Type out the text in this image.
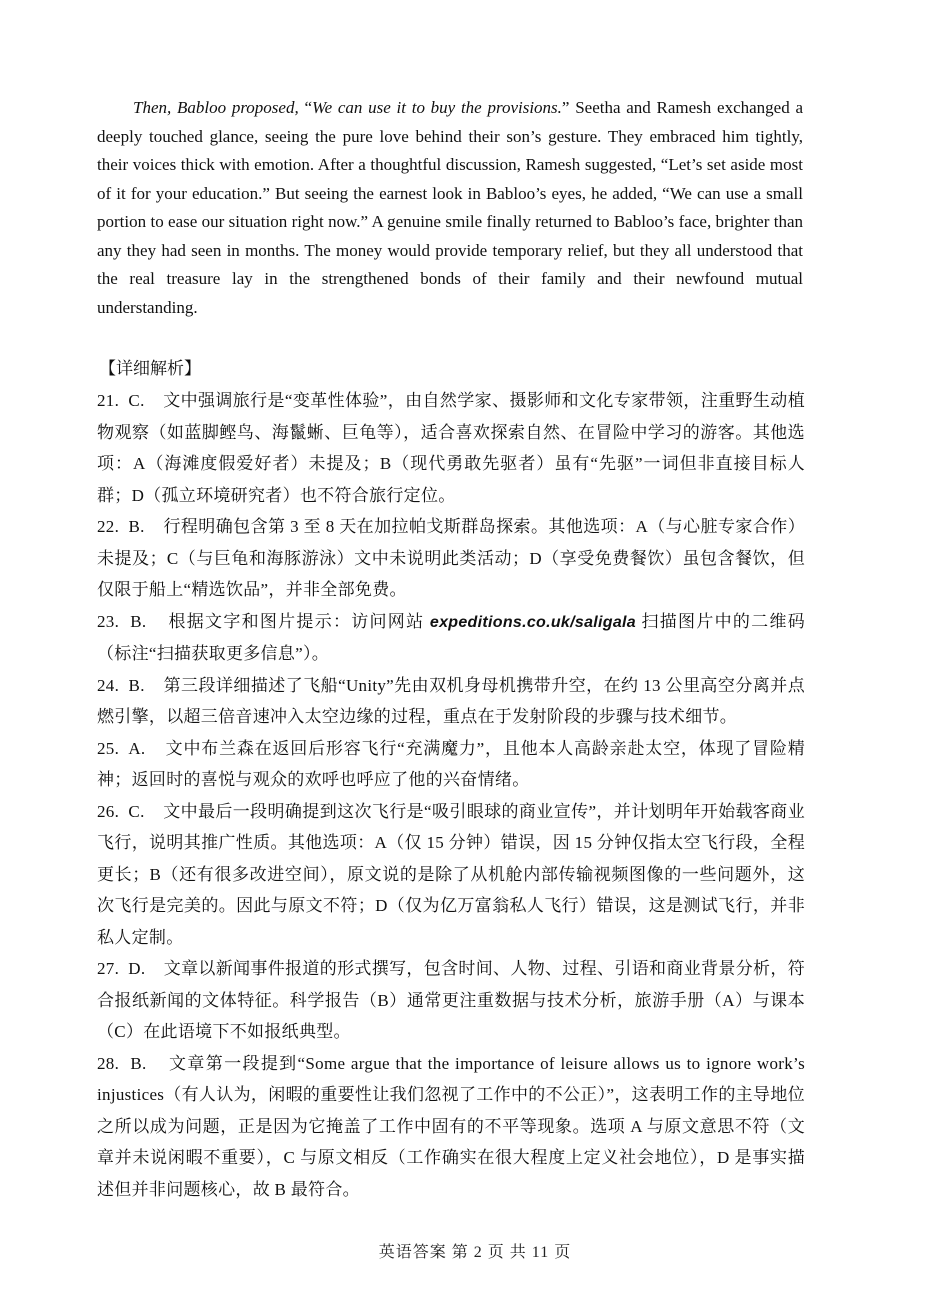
Then, Babloo proposed, “We can use it to buy the provisions.” Seetha and Ramesh exchanged a deeply touched glance, seeing the pure love behind their son’s gesture. They embraced him tightly, their voices thick with emotion. After a thoughtful discussion, Ramesh suggested, “Let’s set aside most of it for your education.” But seeing the earnest look in Babloo’s eyes, he added, “We can use a small portion to ease our situation right now.” A genuine smile finally returned to Babloo’s face, brighter than any they had seen in months. The money would provide temporary relief, but they all understood that the real treasure lay in the strengthened bonds of their family and their newfound mutual understanding.

【详细解析】

21.  C.    文中强调旅行是“变革性体验”，由自然学家、摄影师和文化专家带领，注重野生动植物观察（如蓝脚鲣鸟、海鬣蜥、巨龟等），适合喜欢探索自然、在冒险中学习的游客。其他选项：A（海滩度假爱好者）未提及；B（现代勇敢先驱者）虽有“先驱”一词但非直接目标人群；D（孤立环境研究者）也不符合旅行定位。

22.  B.    行程明确包含第 3 至 8 天在加拉帕戈斯群岛探索。其他选项：A（与心脏专家合作）未提及；C（与巨龟和海豚游泳）文中未说明此类活动；D（享受免费餐饮）虽包含餐饮，但仅限于船上“精选饮品”，并非全部免费。

23.  B.    根据文字和图片提示：访问网站 expeditions.co.uk/saligala 扫描图片中的二维码（标注“扫描获取更多信息”）。

24.  B.    第三段详细描述了飞船“Unity”先由双机身母机携带升空，在约 13 公里高空分离并点燃引擎，以超三倍音速冲入太空边缘的过程，重点在于发射阶段的步骤与技术细节。

25.  A.    文中布兰森在返回后形容飞行“充满魔力”，且他本人高龄亲赴太空，体现了冒险精神；返回时的喜悦与观众的欢呼也呼应了他的兴奋情绪。

26.  C.    文中最后一段明确提到这次飞行是“吸引眼球的商业宣传”，并计划明年开始载客商业飞行，说明其推广性质。其他选项：A（仅 15 分钟）错误，因 15 分钟仅指太空飞行段，全程更长；B（还有很多改进空间），原文说的是除了从机舱内部传输视频图像的一些问题外，这次飞行是完美的。因此与原文不符；D（仅为亿万富翁私人飞行）错误，这是测试飞行，并非私人定制。

27.  D.    文章以新闻事件报道的形式撰写，包含时间、人物、过程、引语和商业背景分析，符合报纸新闻的文体特征。科学报告（B）通常更注重数据与技术分析，旅游手册（A）与课本（C）在此语境下不如报纸典型。

28.  B.    文章第一段提到“Some argue that the importance of leisure allows us to ignore work’s injustices（有人认为，闲暇的重要性让我们忽视了工作中的不公正）”，这表明工作的主导地位之所以成为问题，正是因为它掩盖了工作中固有的不平等现象。选项 A 与原文意思不符（文章并未说闲暇不重要），C 与原文相反（工作确实在很大程度上定义社会地位），D 是事实描述但并非问题核心，故 B 最符合。

英语答案 第 2 页 共 11 页
